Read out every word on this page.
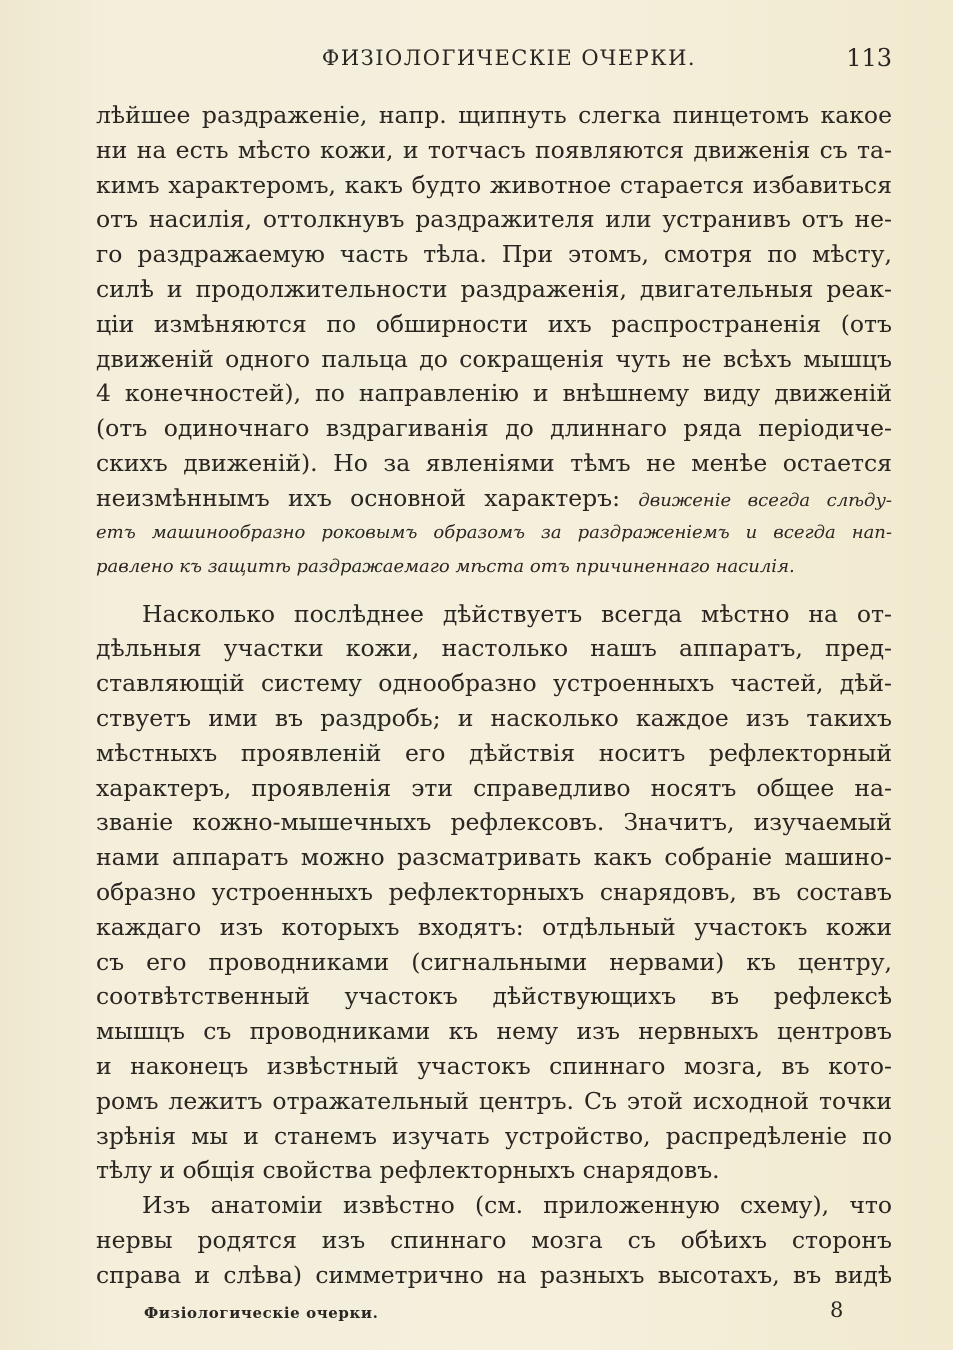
ФИЗІОЛОГИЧЕСКІЕ ОЧЕРКИ.	113
лѣйшее раздраженіе, напр. щипнуть слегка пинцетомъ какое
ни на есть мѣсто кожи, и тотчасъ появляются движенія съ та-
кимъ характеромъ, какъ будто животное старается избавиться
отъ насилія, оттолкнувъ раздражителя или устранивъ отъ не-
го раздражаемую часть тѣла. При этомъ, смотря по мѣсту,
силѣ и продолжительности раздраженія, двигательныя реак-
ціи измѣняются по обширности ихъ распространенія (отъ
движеній одного пальца до сокращенія чуть не всѣхъ мышцъ
4 конечностей), по направленію и внѣшнему виду движеній
(отъ одиночнаго вздрагиванія до длиннаго ряда періодиче-
скихъ движеній). Но за явленіями тѣмъ не менѣе остается
неизмѣннымъ ихъ основной характеръ: движеніе всегда слѣду-
етъ машинообразно роковымъ образомъ за раздраженіемъ и всегда нап-
равлено къ защитѣ раздражаемаго мѣста отъ причиненнаго насилія.
Насколько послѣднее дѣйствуетъ всегда мѣстно на от-
дѣльныя участки кожи, настолько нашъ аппаратъ, пред-
ставляющій систему однообразно устроенныхъ частей, дѣй-
ствуетъ ими въ раздробь; и насколько каждое изъ такихъ
мѣстныхъ проявленій его дѣйствія носитъ рефлекторный
характеръ, проявленія эти справедливо носятъ общее на-
званіе кожно-мышечныхъ рефлексовъ. Значитъ, изучаемый
нами аппаратъ можно разсматривать какъ собраніе машино-
образно устроенныхъ рефлекторныхъ снарядовъ, въ составъ
каждаго изъ которыхъ входятъ: отдѣльный участокъ кожи
съ его проводниками (сигнальными нервами) къ центру,
соотвѣтственный участокъ дѣйствующихъ въ рефлексѣ
мышцъ съ проводниками къ нему изъ нервныхъ центровъ
и наконецъ извѣстный участокъ спиннаго мозга, въ кото-
ромъ лежитъ отражательный центръ. Съ этой исходной точки
зрѣнія мы и станемъ изучать устройство, распредѣленіе по
тѣлу и общія свойства рефлекторныхъ снарядовъ.
Изъ анатоміи извѣстно (см. приложенную схему), что
нервы родятся изъ спиннаго мозга съ обѣихъ сторонъ
справа и слѣва) симметрично на разныхъ высотахъ, въ видѣ
Физіологическіе очерки.	8
